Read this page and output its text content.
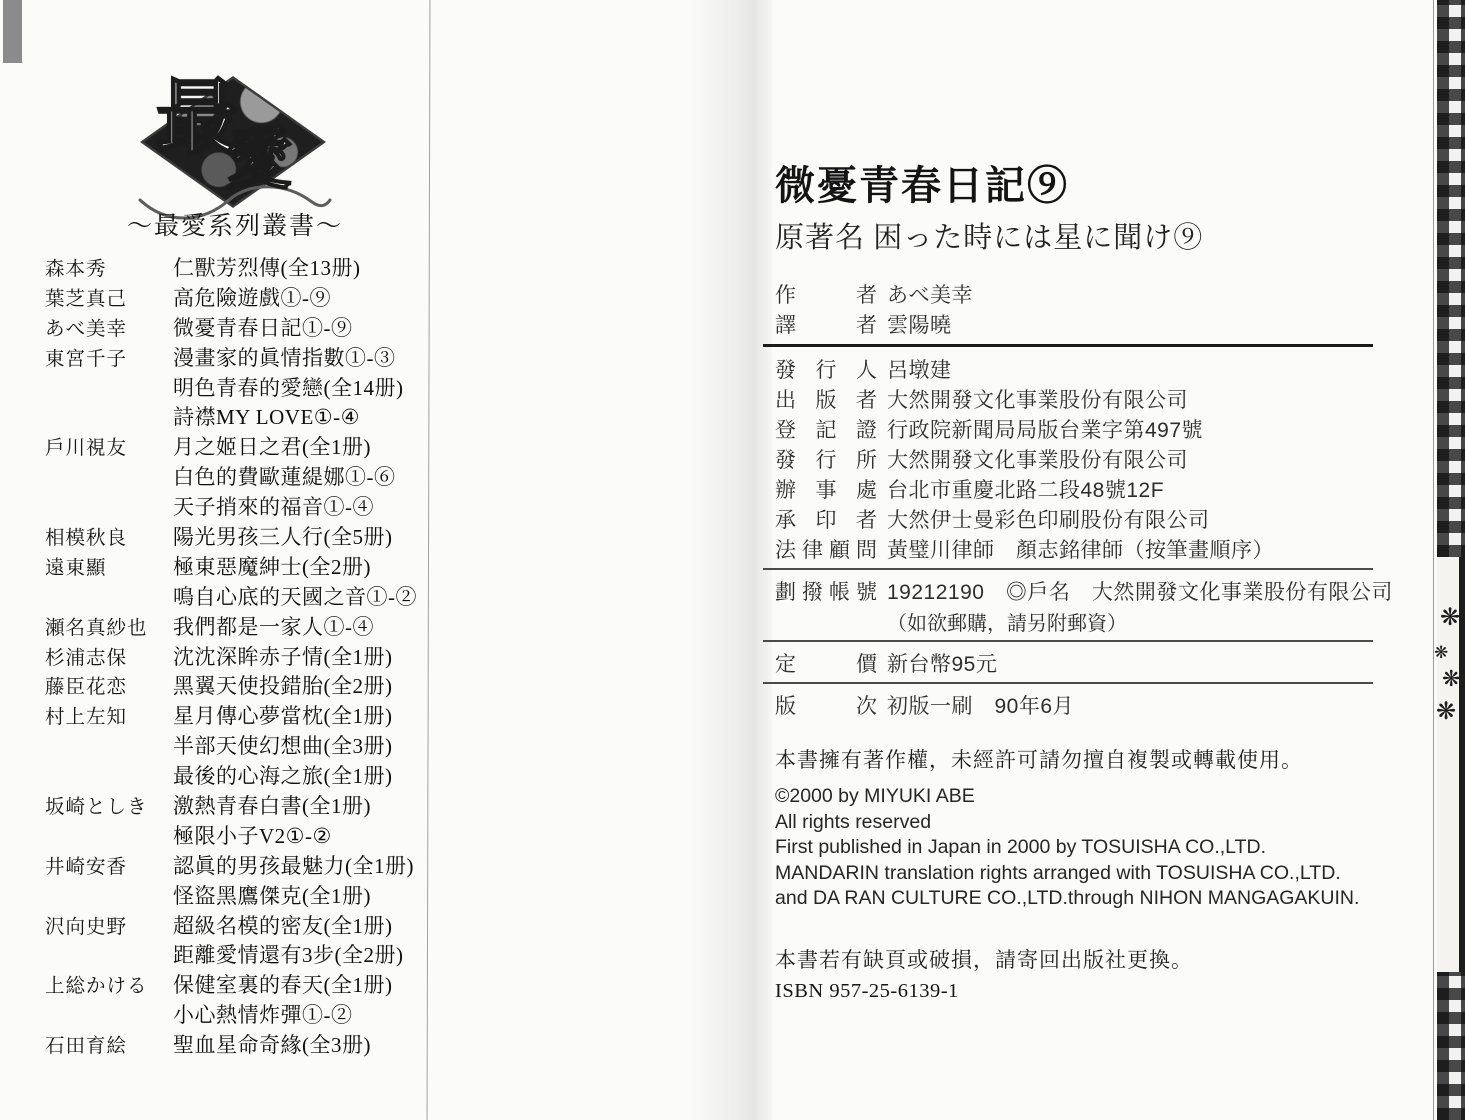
最
愛
～最愛系列叢書～
森本秀	仁獸芳烈傳(全13册)
葉芝真己	高危險遊戲①-⑨
あべ美幸	微憂青春日記①-⑨
東宮千子	漫畫家的眞情指數①-③
明色青春的愛戀(全14册)
詩襟MY LOVE①-④
戶川視友	月之姬日之君(全1册)
白色的費歐蓮緹娜①-⑥
天子捎來的福音①-④
相模秋良	陽光男孩三人行(全5册)
遠東顯	極東惡魔紳士(全2册)
鳴自心底的天國之音①-②
瀬名真紗也	我們都是一家人①-④
杉浦志保	沈沈深眸赤子情(全1册)
藤臣花恋	黑翼天使投錯胎(全2册)
村上左知	星月傳心夢當枕(全1册)
半部天使幻想曲(全3册)
最後的心海之旅(全1册)
坂崎としき	激熱青春白書(全1册)
極限小子V2①-②
井崎安香	認眞的男孩最魅力(全1册)
怪盜黑鷹傑克(全1册)
沢向史野	超級名模的密友(全1册)
距離愛情還有3步(全2册)
上総かける	保健室裏的春天(全1册)
小心熱情炸彈①-②
石田育絵	聖血星命奇緣(全3册)
微憂青春日記⑨
原著名 困った時には星に聞け⑨
作者 あべ美幸
譯者 雲陽曉
發行人 呂墩建
出版者 大然開發文化事業股份有限公司
登記證 行政院新聞局局版台業字第497號
發行所 大然開發文化事業股份有限公司
辦事處 台北市重慶北路二段48號12F
承印者 大然伊士曼彩色印刷股份有限公司
法律顧問 黃璧川律師　顏志銘律師（按筆畫順序）
劃撥帳號 19212190　◎戶名　大然開發文化事業股份有限公司
（如欲郵購，請另附郵資）
定價 新台幣95元
版次 初版一刷　90年6月
本書擁有著作權，未經許可請勿擅自複製或轉載使用。
©2000 by MIYUKI ABE
All rights reserved
First published in Japan in 2000 by TOSUISHA CO.,LTD.
MANDARIN translation rights arranged with TOSUISHA CO.,LTD.
and DA RAN CULTURE CO.,LTD.through NIHON MANGAGAKUIN.
本書若有缺頁或破損，請寄回出版社更換。
ISBN 957-25-6139-1
❋
❋
❋
❋
